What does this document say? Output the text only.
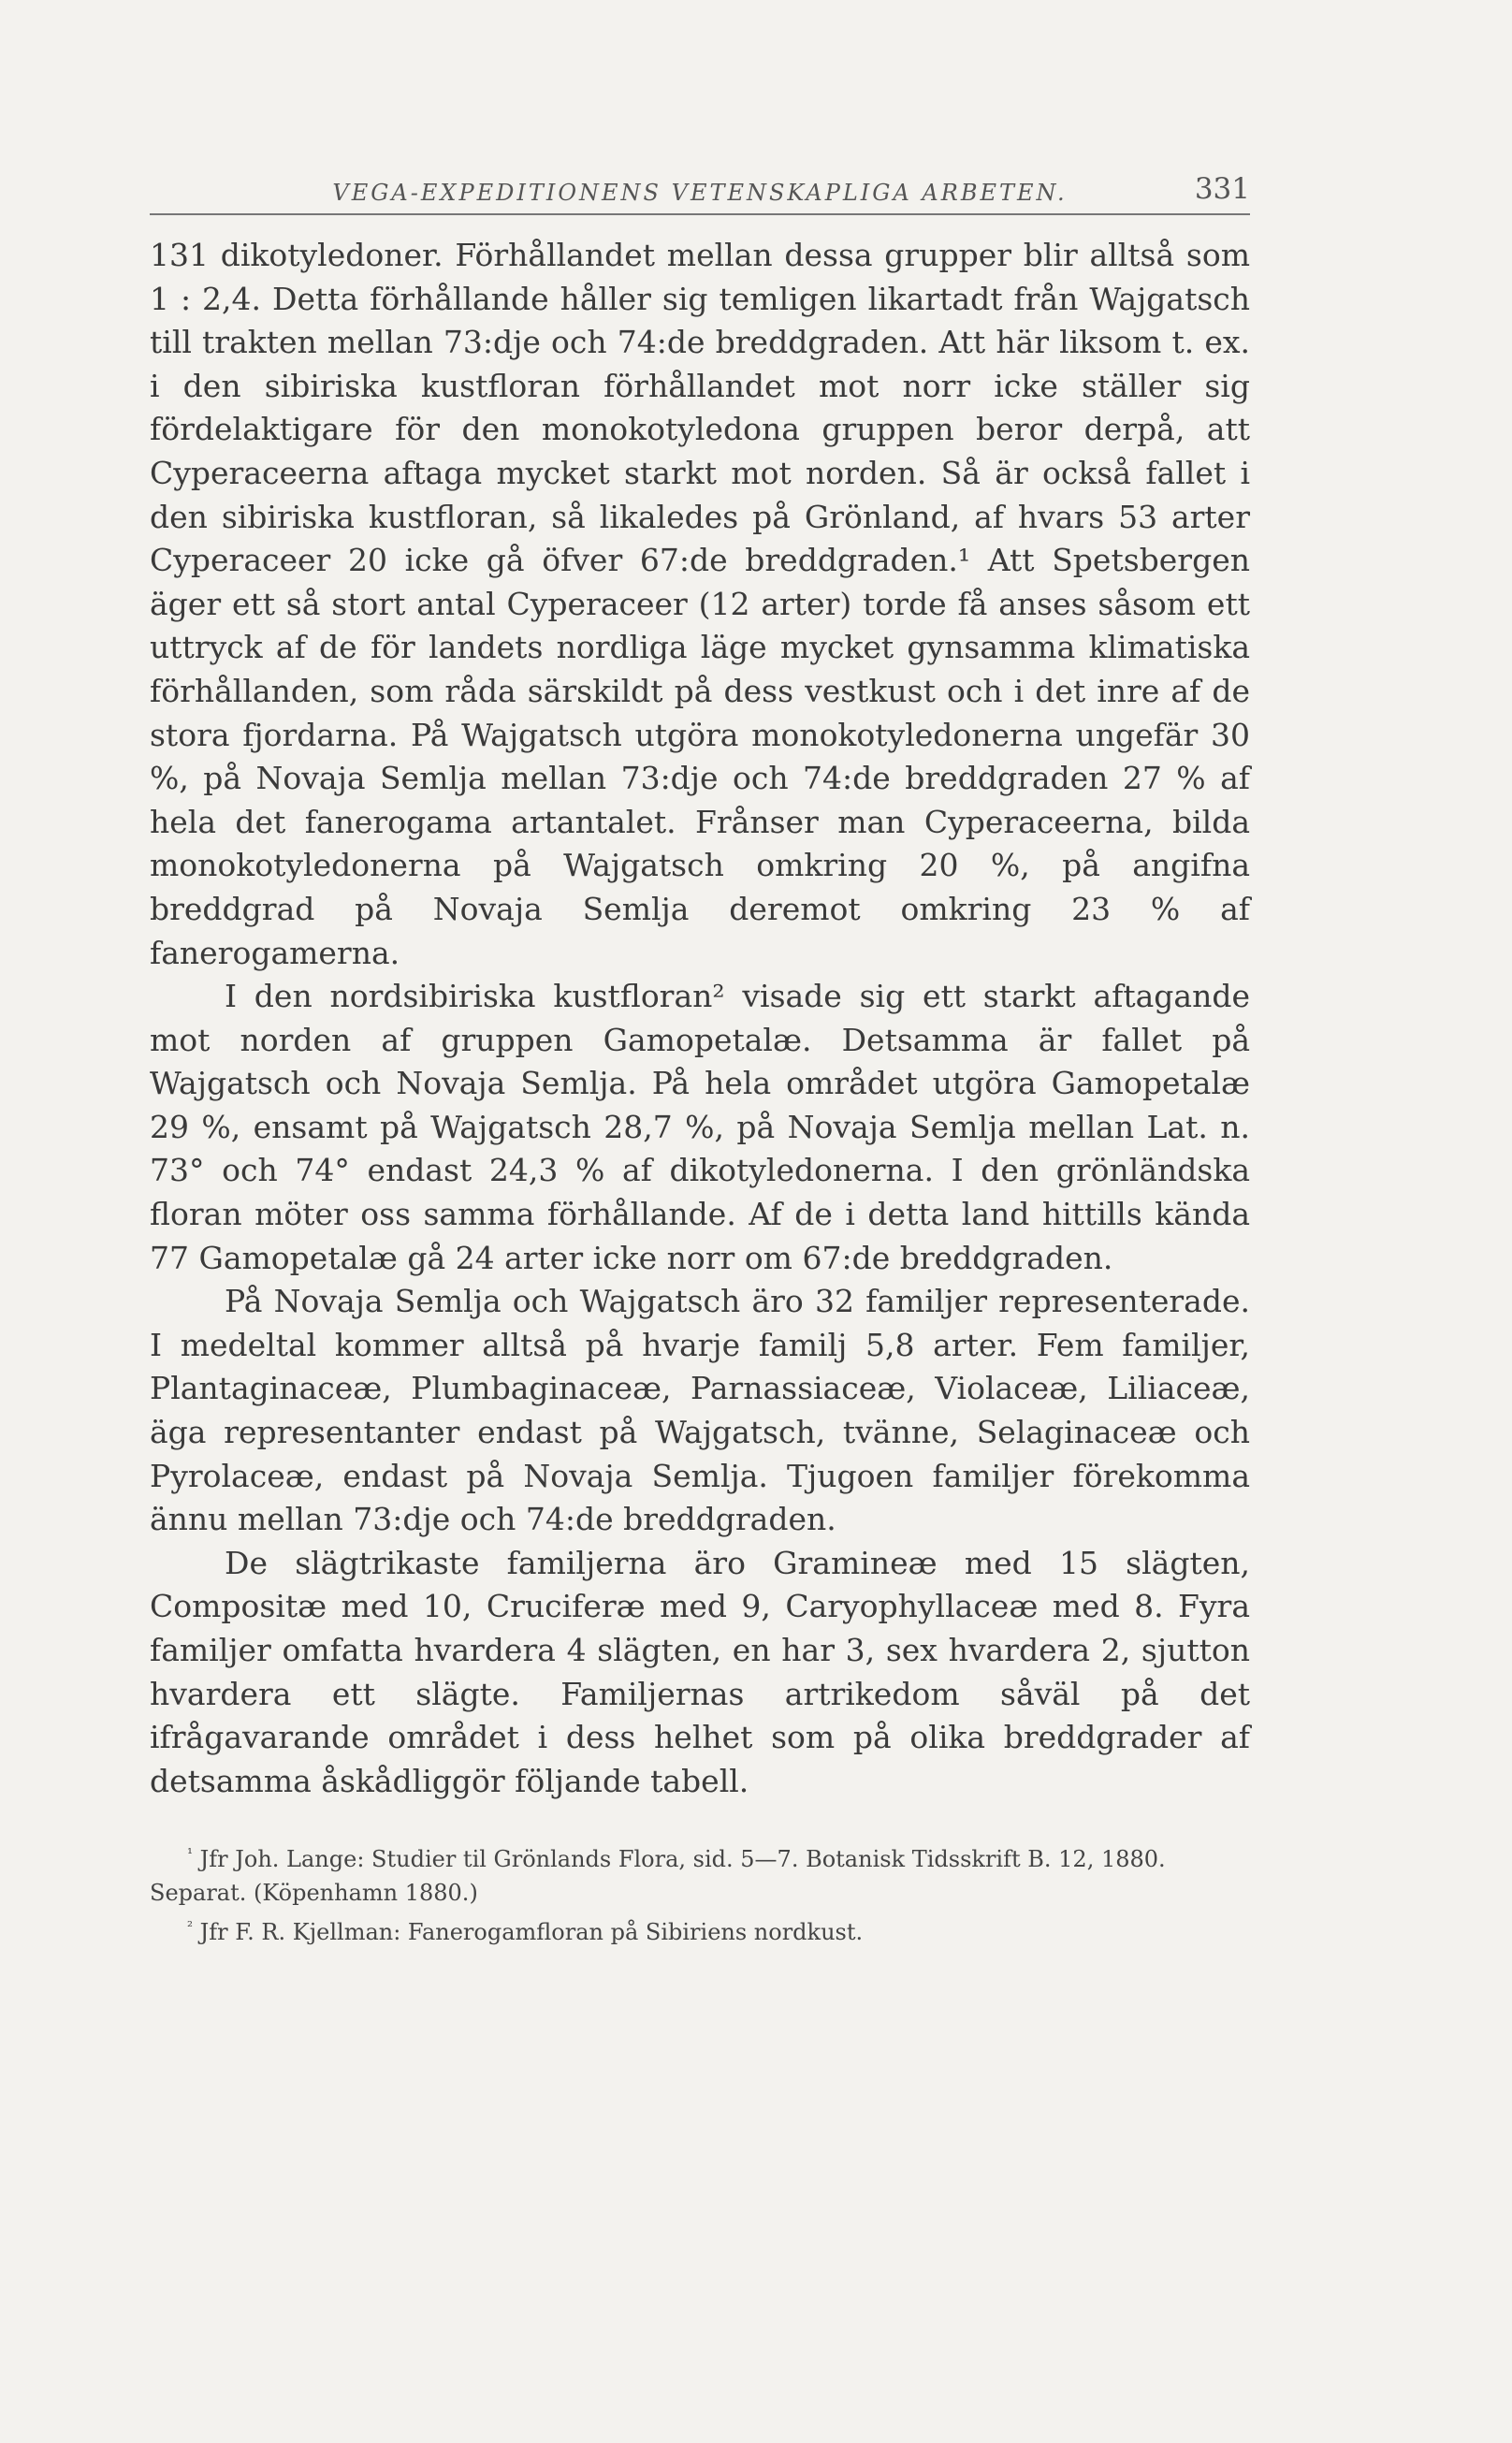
VEGA-EXPEDITIONENS VETENSKAPLIGA ARBETEN.	331

131 dikotyledoner. Förhållandet mellan dessa grupper blir alltså som 1 : 2,4. Detta förhållande håller sig temligen likartadt från Wajgatsch till trakten mellan 73:dje och 74:de breddgraden. Att här liksom t. ex. i den sibiriska kustfloran förhållandet mot norr icke ställer sig fördelaktigare för den monokotyledona gruppen beror derpå, att Cyperaceerna aftaga mycket starkt mot norden. Så är också fallet i den sibiriska kustfloran, så likaledes på Grönland, af hvars 53 arter Cyperaceer 20 icke gå öfver 67:de breddgraden.¹ Att Spetsbergen äger ett så stort antal Cyperaceer (12 arter) torde få anses såsom ett uttryck af de för landets nordliga läge mycket gynsamma klimatiska förhållanden, som råda särskildt på dess vestkust och i det inre af de stora fjordarna. På Wajgatsch utgöra monokotyledonerna ungefär 30 %, på Novaja Semlja mellan 73:dje och 74:de breddgraden 27 % af hela det fanerogama artantalet. Frånser man Cyperaceerna, bilda monokotyledonerna på Wajgatsch omkring 20 %, på angifna breddgrad på Novaja Semlja deremot omkring 23 % af fanerogamerna.

I den nordsibiriska kustfloran² visade sig ett starkt aftagande mot norden af gruppen Gamopetalæ. Detsamma är fallet på Wajgatsch och Novaja Semlja. På hela området utgöra Gamopetalæ 29 %, ensamt på Wajgatsch 28,7 %, på Novaja Semlja mellan Lat. n. 73° och 74° endast 24,3 % af dikotyledonerna. I den grönländska floran möter oss samma förhållande. Af de i detta land hittills kända 77 Gamopetalæ gå 24 arter icke norr om 67:de breddgraden.

På Novaja Semlja och Wajgatsch äro 32 familjer representerade. I medeltal kommer alltså på hvarje familj 5,8 arter. Fem familjer, Plantaginaceæ, Plumbaginaceæ, Parnassiaceæ, Violaceæ, Liliaceæ, äga representanter endast på Wajgatsch, tvänne, Selaginaceæ och Pyrolaceæ, endast på Novaja Semlja. Tjugoen familjer förekomma ännu mellan 73:dje och 74:de breddgraden.

De slägtrikaste familjerna äro Gramineæ med 15 slägten, Compositæ med 10, Cruciferæ med 9, Caryophyllaceæ med 8. Fyra familjer omfatta hvardera 4 slägten, en har 3, sex hvardera 2, sjutton hvardera ett slägte. Familjernas artrikedom såväl på det ifrågavarande området i dess helhet som på olika breddgrader af detsamma åskådliggör följande tabell.

$^{^1}$ Jfr Joh. Lange: Studier til Grönlands Flora, sid. 5—7. Botanisk Tidsskrift B. 12, 1880. Separat. (Köpenhamn 1880.)

$^{^2}$ Jfr F. R. Kjellman: Fanerogamfloran på Sibiriens nordkust.
